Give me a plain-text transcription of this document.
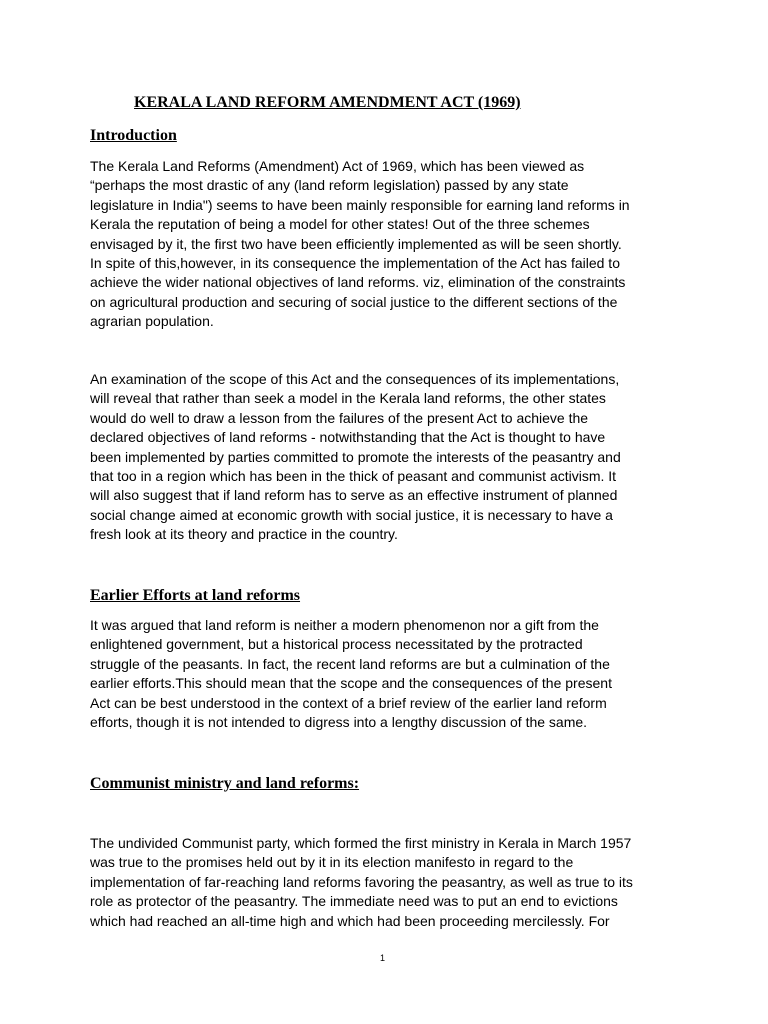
KERALA LAND REFORM AMENDMENT ACT (1969)
Introduction
The Kerala Land Reforms (Amendment) Act of 1969, which has been viewed as
“perhaps the most drastic of any (land reform legislation) passed by any state
legislature in India") seems to have been mainly responsible for earning land reforms in
Kerala the reputation of being a model for other states! Out of the three schemes
envisaged by it, the first two have been efficiently implemented as will be seen shortly.
In spite of this,however, in its consequence the implementation of the Act has failed to
achieve the wider national objectives of land reforms. viz, elimination of the constraints
on agricultural production and securing of social justice to the different sections of the
agrarian population.
An examination of the scope of this Act and the consequences of its implementations,
will reveal that rather than seek a model in the Kerala land reforms, the other states
would do well to draw a lesson from the failures of the present Act to achieve the
declared objectives of land reforms - notwithstanding that the Act is thought to have
been implemented by parties committed to promote the interests of the peasantry and
that too in a region which has been in the thick of peasant and communist activism. It
will also suggest that if land reform has to serve as an effective instrument of planned
social change aimed at economic growth with social justice, it is necessary to have a
fresh look at its theory and practice in the country.
Earlier Efforts at land reforms
It was argued that land reform is neither a modern phenomenon nor a gift from the
enlightened government, but a historical process necessitated by the protracted
struggle of the peasants. In fact, the recent land reforms are but a culmination of the
earlier efforts.This should mean that the scope and the consequences of the present
Act can be best understood in the context of a brief review of the earlier land reform
efforts, though it is not intended to digress into a lengthy discussion of the same.
Communist ministry and land reforms:
The undivided Communist party, which formed the first ministry in Kerala in March 1957
was true to the promises held out by it in its election manifesto in regard to the
implementation of far-reaching land reforms favoring the peasantry, as well as true to its
role as protector of the peasantry. The immediate need was to put an end to evictions
which had reached an all-time high and which had been proceeding mercilessly. For
1
